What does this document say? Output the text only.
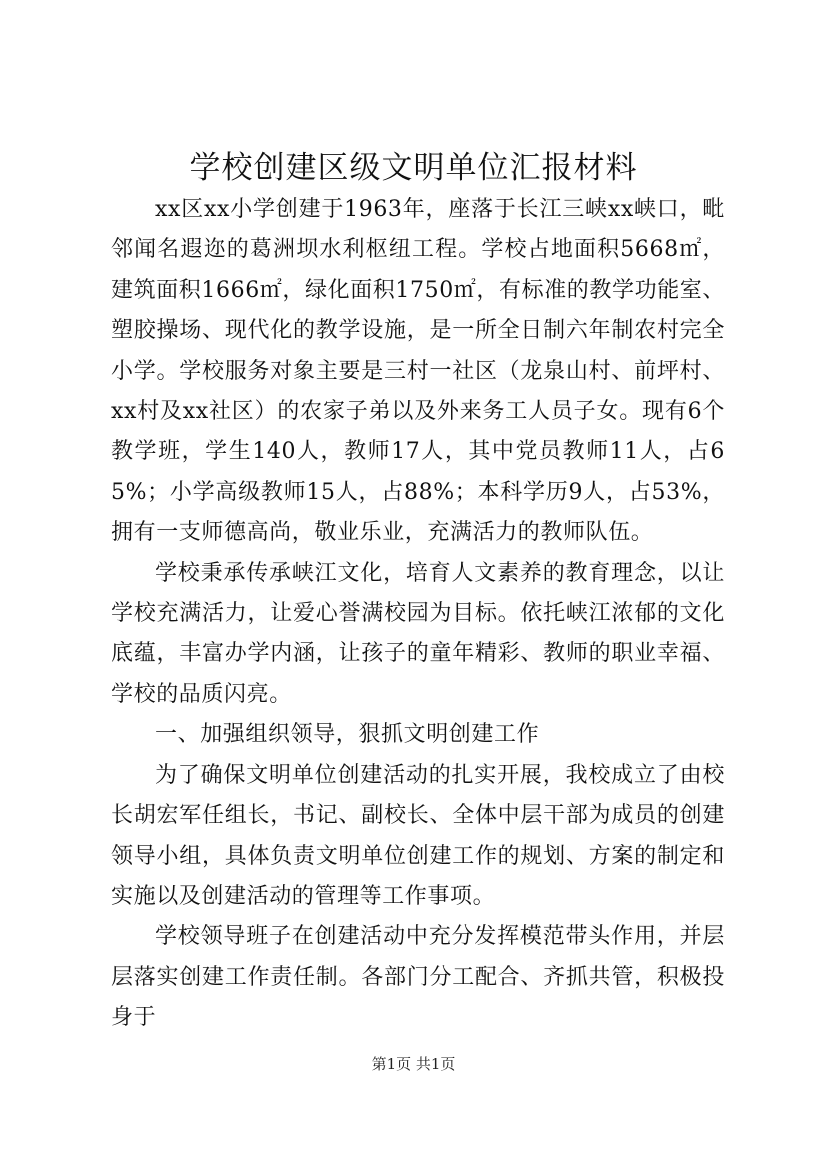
学校创建区级文明单位汇报材料

xx区xx小学创建于1963年，座落于长江三峡xx峡口，毗邻闻名遐迩的葛洲坝水利枢纽工程。学校占地面积5668㎡，建筑面积1666㎡，绿化面积1750㎡，有标准的教学功能室、塑胶操场、现代化的教学设施，是一所全日制六年制农村完全小学。学校服务对象主要是三村一社区（龙泉山村、前坪村、xx村及xx社区）的农家子弟以及外来务工人员子女。现有6个教学班，学生140人，教师17人，其中党员教师11人，占65%；小学高级教师15人，占88%；本科学历9人，占53%，拥有一支师德高尚，敬业乐业，充满活力的教师队伍。

学校秉承传承峡江文化，培育人文素养的教育理念，以让学校充满活力，让爱心誉满校园为目标。依托峡江浓郁的文化底蕴，丰富办学内涵，让孩子的童年精彩、教师的职业幸福、学校的品质闪亮。

一、加强组织领导，狠抓文明创建工作

为了确保文明单位创建活动的扎实开展，我校成立了由校长胡宏军任组长，书记、副校长、全体中层干部为成员的创建领导小组，具体负责文明单位创建工作的规划、方案的制定和实施以及创建活动的管理等工作事项。

学校领导班子在创建活动中充分发挥模范带头作用，并层层落实创建工作责任制。各部门分工配合、齐抓共管，积极投身于

第1页 共1页
